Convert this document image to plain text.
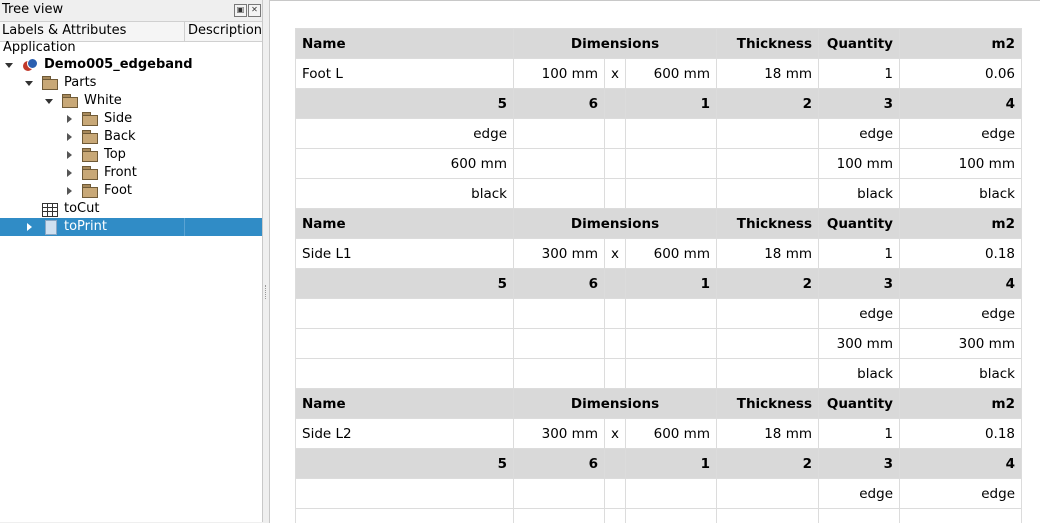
Tree view	▣ ✕
Labels & Attributes	Description
Application
Demo005_edgeband
Parts
White
Side
Back
Top
Front
Foot
toCut
toPrint
Name	Dimensions			Thickness	Quantity	m2
Foot L	100 mm	x	600 mm	18 mm	1	0.06
5	6		1	2	3	4
edge					edge	edge
600 mm					100 mm	100 mm
black					black	black
Name	Dimensions			Thickness	Quantity	m2
Side L1	300 mm	x	600 mm	18 mm	1	0.18
5	6		1	2	3	4
					edge	edge
					300 mm	300 mm
					black	black
Name	Dimensions			Thickness	Quantity	m2
Side L2	300 mm	x	600 mm	18 mm	1	0.18
5	6		1	2	3	4
					edge	edge
